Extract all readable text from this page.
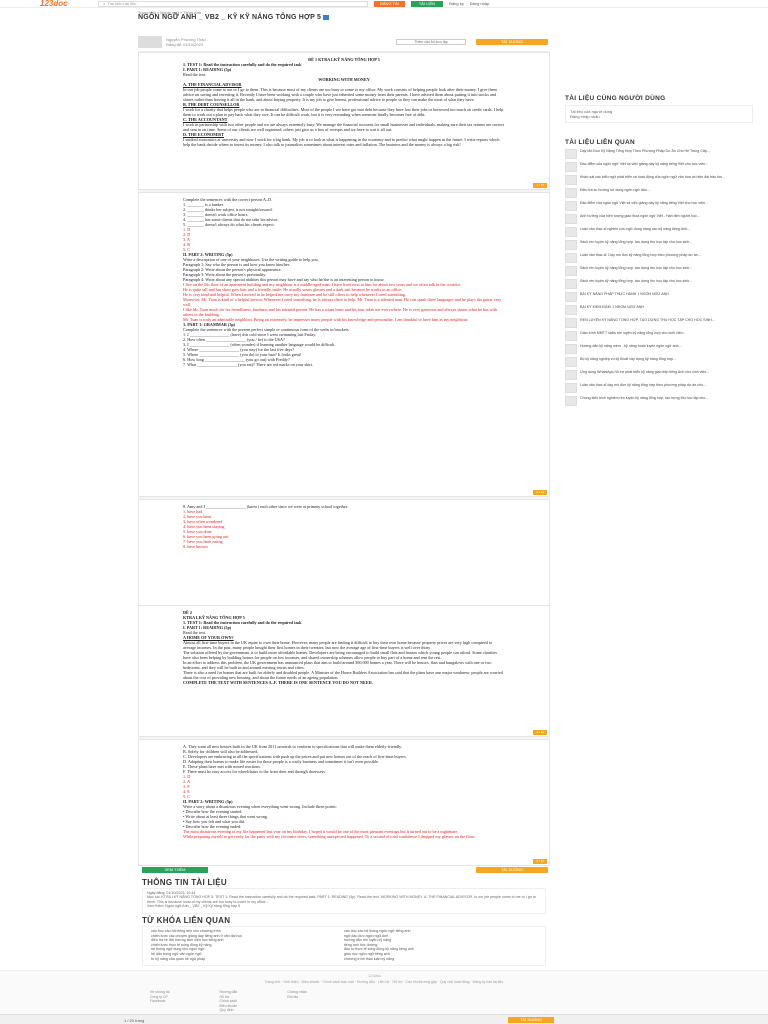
123doc	⌕ Tìm kiếm tài liệu	ĐĂNG TẢI	TẢI LIÊN	Đăng ký Đăng nhập
Trang chủ » Ngoại ngữ » Tiếng Anh
NGÔN NGỮ ANH _ VB2 _ KỸ KỸ NĂNG TỔNG HỢP 5
Nguyễn Phương Thảo
Đăng tải: 01/10/2023	Thêm vào bộ sưu tập	TẢI XUỐNG

ĐỀ 1 KTRA LKỸ NĂNG TỔNG HỢP 5

1. TEST 1: Read the instruction carefully and do the required task

I. PART 1: READING (5p)

Read the text.

WORKING WITH MONEY

A. THE FINANCIAL ADVISOR

In our job people come to me or I go to them. This is because most of my clients are too busy to come to my office. My work consists of helping people look after their money. I give them advice on saving and investing it. Recently I have been working with a couple who have just inherited some money from their parents. I have advised them about putting it into stocks and shares rather than leaving it all in the bank, and about buying property. It is my job to give honest, professional advice to people so they can make the most of what they have.

B. THE DEBT COUNSELLOR

I work for a charity that helps people who are in financial difficulties. Most of the people I see have got into debt because they have lost their jobs or borrowed too much on credit cards. I help them to work out a plan to pay back what they owe. It can be difficult work, but it is very rewarding when someone finally becomes free of debt.

C. THE ACCOUNTANT

I work in partnership with two other people and we are always extremely busy. We manage the financial accounts for small businesses and individuals, making sure their tax returns are correct and sent in on time. Some of our clients are well organised, others just give us a box of receipts and we have to sort it all out.

D. THE ECONOMIST

I studied economics at university and now I work for a big bank. My job is to look at what is happening in the economy and to predict what might happen in the future. I write reports which help the bank decide where to invest its money. I also talk to journalists sometimes about interest rates and inflation. The business and the money is always a big risk!

1 / 20

Complete the sentences with the correct person A–D.

1. ________ is a banker.

2. ________ thinks her subject is not straightforward.

3. ________ doesn't work office hours.

4. ________ has some clients that do not take his advice.

5. ________ doesn't always do what his clients expect.

1. D

2. D

3. A

4. B

5. C

II. PART 2: WRITING (5p)

Write a description of one of your neighbours. Use the writing guide to help you.

Paragraph 1: Say who the person is and how you know him/her.

Paragraph 2: Write about the person's physical appearance.

Paragraph 3: Write about the person's personality.

Paragraph 4: Write about any special abilities this person may have and say who he/she is an interesting person to know.

I live on the 5th floor of an apartment building and my neighbour is a middle-aged man. I have lived next to him for about two years and we often talk in the corridor.

He is quite tall and has short grey hair and a friendly smile. He usually wears glasses and a dark suit because he works in an office.

He is very kind and helpful. When I moved in he helped me carry my furniture and he still offers to help whenever I need something.

Moreover, Mr. Tuan is kind of a helpful person. Whenever I need something, he is always there to help. Mr. Tuan is a talented man. He can speak three languages and he plays the guitar very well.

I like Mr. Tuan much for his friendliness, kindness and his talented person. He has a warm heart and his tour takes me everywhere. He is very generous and always shares what he has with others in the building.

Mr. Tuan is truly an admirable neighbour. Being an extremely, he impresses many people with his knowledge and personality. I am thankful to have him as my neighbour.

3. PART 1: GRAMMAR (3p)

Complete the sentences with the present perfect simple or continuous form of the verbs in brackets.

1. I ___________________ (have) this cold since I went swimming last Friday.

2. How often ___________________ (you / be) to the USA?

3. I ___________________ (often wonder) if learning another language would be difficult.

4. Where ___________________ (you stay) for the last five days?

5. Where ___________________ (you do) to your hair? It looks great!

6. How long ___________________ (you go out) with Freddy?

7. What ___________________ (you eat)? There are red marks on your shirt.

2 / 20

8. Amy and I ___________________ (know) each other since we were at primary school together.

1. have had

2. have you been

3. have often wondered

4. have you been staying

5. have you done

6. have you been going out

7. have you been eating

8. have known

ĐỀ 2

KTRA LKỸ NĂNG TỔNG HỢP 5

1. TEST 1: Read the instruction carefully and do the required task

I. PART 1: READING (5p)

Read the text.

A HOME OF YOUR OWN?

Almost all first-time buyers in the UK aspire to own their home. However, many people are finding it difficult to buy their own home because property prices are very high compared to average incomes. In the past, many people bought their first homes in their twenties, but now the average age of first-time buyers is well over thirty.

The solution offered by the government is to build more affordable homes. Developers are being encouraged to build small flats and houses which young people can afford. Some charities have also been helping by building homes for people on low incomes, and shared ownership schemes allow people to buy part of a home and rent the rest.

In an effort to address this problem, the UK government has announced plans that aim to build around 300,000 homes a year. There will be houses, flats and bungalows with one or two bedrooms, and they will be built in and around existing towns and cities.

There is also a need for homes that are built for elderly and disabled people. A Minister of the House Builders Association has said that the plans have one major weakness: people are worried about the cost of providing new housing, and about the future needs of an ageing population.

COMPLETE THE TEXT WITH SENTENCES A–F. THERE IS ONE SENTENCE YOU DO NOT NEED.

4 / 20

A. They want all new houses built in the UK from 2011 onwards to conform to specifications that will make them elderly-friendly.

B. Solely for children will also be addressed.

C. Developers are embracing to all the specifications with push up the prices and put new homes out of the reach of first-time buyers.

D. Adapting their homes to make life easier for these people is a costly business and sometimes it isn't even possible.

E. These plans have met with mixed reactions.

F. There must be easy access for wheelchairs to the front door and through doorways.

1. D

2. A

3. F

4. E

5. C

II. PART 2: WRITING (5p)

Write a story about a disastrous evening when everything went wrong. Include these points:

• Describe how the evening started.

• Write about at least three things that went wrong.

• Say how you felt and what you did.

• Describe how the evening ended.

The most disastrous evening of my life happened last year on my birthday. I hoped it would be one of the most pleasant evenings but it turned out to be a nightmare.

While preparing myself to get ready for the party with my favourite dress, something unexpected happened. To a second of total confidence I dropped my glasses on the floor.

5 / 20
TÀI LIỆU CÙNG NGƯỜI DÙNG
Tài liệu của người dùng
Đăng nhập nhận
TÀI LIỆU LIÊN QUAN
Dạy Mô Đun Kỹ Năng Tổng Hợp Theo Phương Pháp Dự Án Cho Hệ Trung Cấp...
Đào điểm của ngôn ngữ Việt và việc giảng dạy kỹ năng tiếng Việt cho học viên...
Khảo sát các biểu ngữ phát triển và hoạt động của ngôn ngữ văn hóa và hiện đại bảo tồn...
Điều tra xu hướng sử dụng ngôn ngữ đầu...
Đặc điểm của ngôn ngữ Việt và việc giảng dạy kỹ năng tiếng Việt cho học viên...
Anh hưởng của hiện tượng giao thoa ngôn ngữ Việt - Hán đến người học...
Luận văn thạc sĩ nghiên cứu ngữ dụng nâng cao kỹ năng tiếng Anh...
Sách rèn luyện kỹ năng tổng hợp, tạo dựng thu học tập cho học sinh...
Luận văn thạc sĩ: Dạy mô đun kỹ năng tổng hợp theo phương pháp dự án...
Sách rèn luyện kỹ năng tổng hợp, tạo dựng thu học tập cho học sinh...
Sách rèn luyện kỹ năng tổng hợp, tạo dựng thu học tập cho học sinh...
BÀI KỸ NĂNG PHÁP THỰC HÀNH 1 NGÔN NGỮ ANH
BÀI KỸ KIỂM ĐỊNH 1 NHÓM NGỮ ANH
RÈN LUYỆN KỸ NĂNG TỔNG HỢP, TẠO DỰNG THU HỌC TẬP CHO HỌC SINH...
Giáo trình MMTT skills rèn luyện kỹ năng tổng hợp cho sinh viên...
Hướng dẫn kỹ năng mềm - kỹ năng huấn luyện ngôn ngữ anh...
Bộ kỹ năng nghiệp vụ kỹ thuật xây dựng kỹ năng tổng hợp...
Ứng dụng WhatsApp hỗ trợ phát triển kỹ năng giao tiếp tiếng Anh cho sinh viên...
Luận văn thạc sĩ dạy mô đun kỹ năng tổng hợp theo phương pháp dự án cho...
Chúng kiến kinh nghiệm rèn luyện kỹ năng tổng hợp, tạo hứng thú học tập cho...
XEM THÊM	TẢI XUỐNG
THÔNG TIN TÀI LIỆU
Ngày đăng: 01/10/2023, 10:44
Mục lục: KTRA LKỸ NĂNG TỔNG HỢP 5. TEST 1: Read the instruction carefully and do the required task. PART 1: READING (5p). Read the text. WORKING WITH MONEY. A. THE FINANCIAL ADVISOR. In our job people come to me or I go to them. This is because most of my clients are too busy to come to my office...
Xem thêm: Ngôn ngữ Anh _ VB2 _ Kỹ Kỹ năng tổng hợp 5
TỪ KHÓA LIÊN QUAN
cấu trúc câu hỏi tiếng anh cho chương trình	cấu trúc các hệ thống ngôn ngữ tiếng anh
chiến lược các chuyên giảng dạy tiếng anh ở văn đại học	ngữ đạo đức ngôn ngữ Anh
điều tra về đời hương sinh viên học tiếng anh	hướng dẫn rèn luyện kỹ năng
chiến lược thực tế sống động kỹ năng	tiếng anh học đường
hệ thống ngữ dụng cho ngôn ngữ	đầu tư thực tế sống động kỹ năng tiếng anh
hệ dẫn trong ngữ văn ngôn ngữ	giáo dục ngôn ngữ tiếng anh
từ kỹ năng của quan hệ ngữ pháp	chương trình thảo luận kỹ năng
123doc
Trang chủ · Giới thiệu · Điều khoản · Chính sách bảo mật · Hướng dẫn · Liên hệ · Hỗ trợ · Câu hỏi thường gặp · Quy chế hoạt động · Đăng ký bán tài liệu
Về chúng tôi
Công ty CP
Facebook
Hướng dẫn
Hỗ trợ
Chính sách
Điều khoản
Quy định
Chứng nhận
Đối tác
1 / 20 trang	TẢI XUỐNG
